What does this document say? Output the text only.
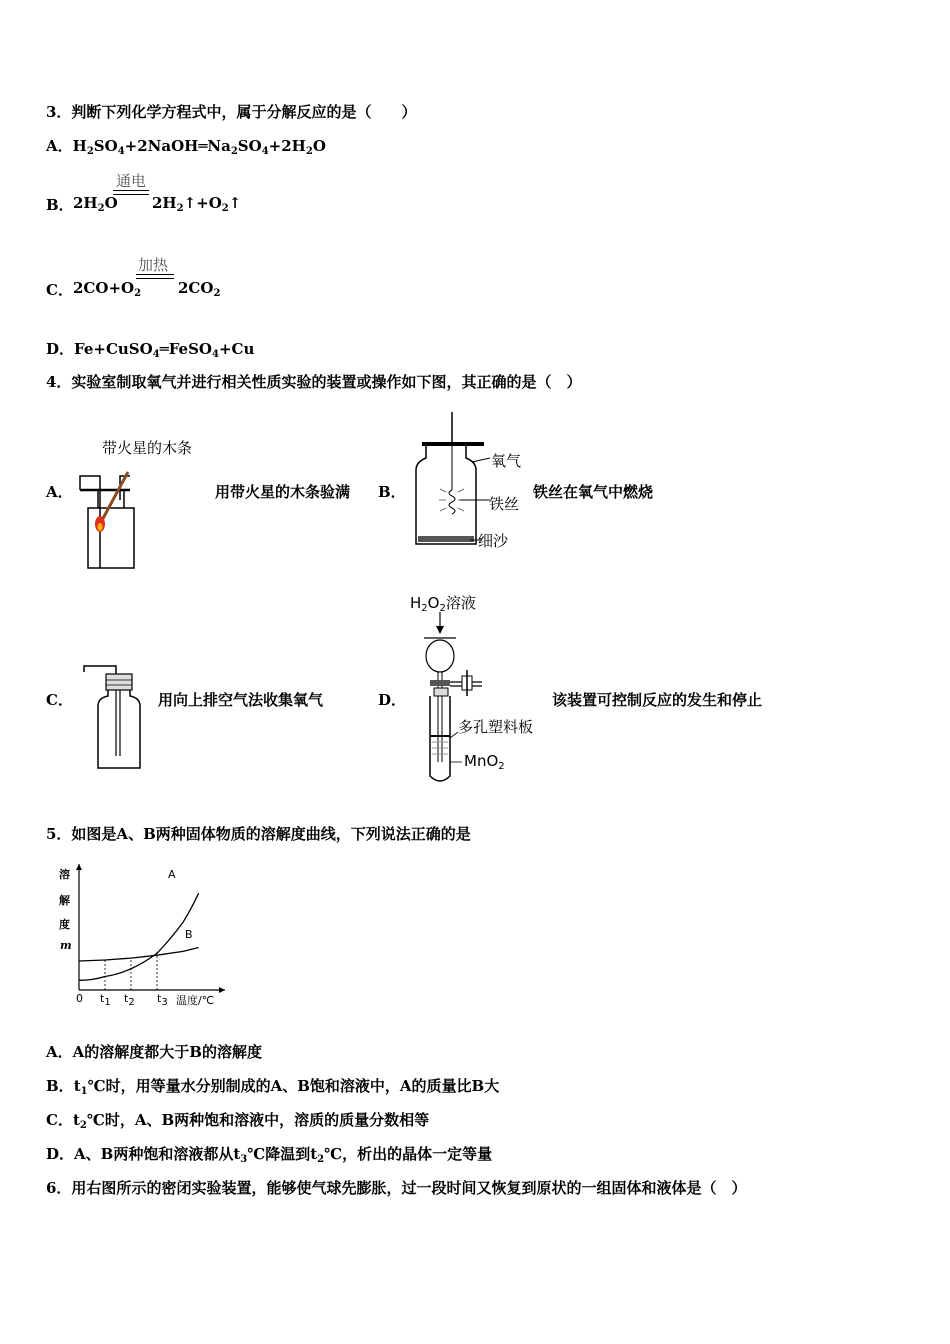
3．判断下列化学方程式中，属于分解反应的是（　　）
A．$H_2SO_4+2NaOH═Na_2SO_4+2H_2O$
B． $2H_2O$
通电
$2H_2↑+O_2↑$
C． $2CO+O_2$
加热
$2CO_2$
D．Fe+CuSO$_4$═FeSO$_4$+Cu
4．实验室制取氧气并进行相关性质实验的装置或操作如下图，其正确的是（　）
A．
带火星的木条
用带火星的木条验满 B．
氧气
铁丝
细沙
铁丝在氧气中燃烧
C．	用向上排空气法收集氧气	D．
$H_2O_2$溶液
多孔塑料板
MnO$_2$
该装置可控制反应的发生和停止
5．如图是A、B两种固体物质的溶解度曲线，下列说法正确的是
溶
解
度
m
0 $t_1$ $t_2$ $t_3$ 温度/℃
A
B
A．A的溶解度都大于B的溶解度
B．$t_1℃$时，用等量水分别制成的A、B饱和溶液中，A的质量比B大
C．$t_2℃$时，A、B两种饱和溶液中，溶质的质量分数相等
D．A、B两种饱和溶液都从$t_3℃$降温到$t_2℃$，析出的晶体一定等量
6．用右图所示的密闭实验装置，能够使气球先膨胀，过一段时间又恢复到原状的一组固体和液体是（　）
